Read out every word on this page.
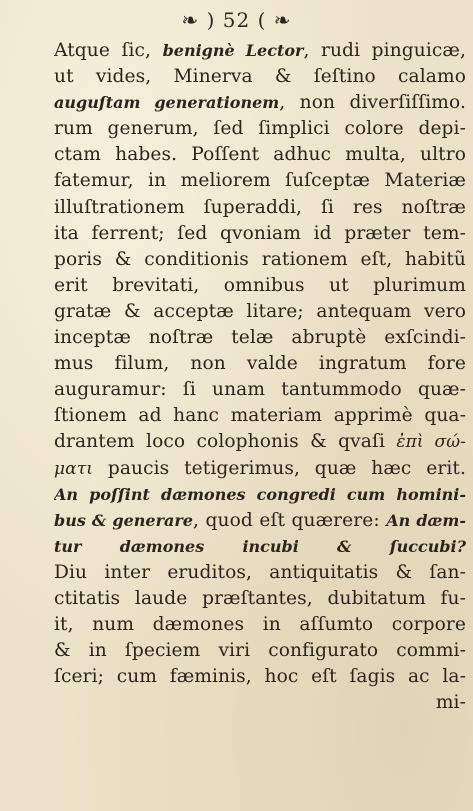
❧ ) 52 ( ❧
Atque ſic, benignè Lector, rudi pinguicæ,
ut vides, Minerva & ſeſtino calamo
auguſtam generationem, non diverſiſſimo.
rum generum, ſed ſimplici colore depi-
ctam habes. Poſſent adhuc multa, ultro
fatemur, in meliorem ſuſceptæ Materiæ
illuſtrationem ſuperaddi, ſi res noſtræ
ita ferrent; ſed qvoniam id præter tem-
poris & conditionis rationem eſt, habitũ
erit brevitati, omnibus ut plurimum
gratæ & acceptæ litare; antequam vero
inceptæ noſtræ telæ abruptè exſcindi-
mus filum, non valde ingratum fore
auguramur: ſi unam tantummodo quæ-
ſtionem ad hanc materiam apprimè qua-
drantem loco colophonis & qvaſi ἐπὶ σώ-
ματι paucis tetigerimus, quæ hæc erit.
An poſſint dæmones congredi cum homini-
bus & generare, quod eſt quærere: An dæm-
tur dæmones incubi & ſuccubi?
Diu inter eruditos, antiquitatis & ſan-
ctitatis laude præſtantes, dubitatum fu-
it, num dæmones in aſſumto corpore
& in ſpeciem viri configurato commi-
ſceri; cum fæminis, hoc eſt ſagis ac la-
mi-
